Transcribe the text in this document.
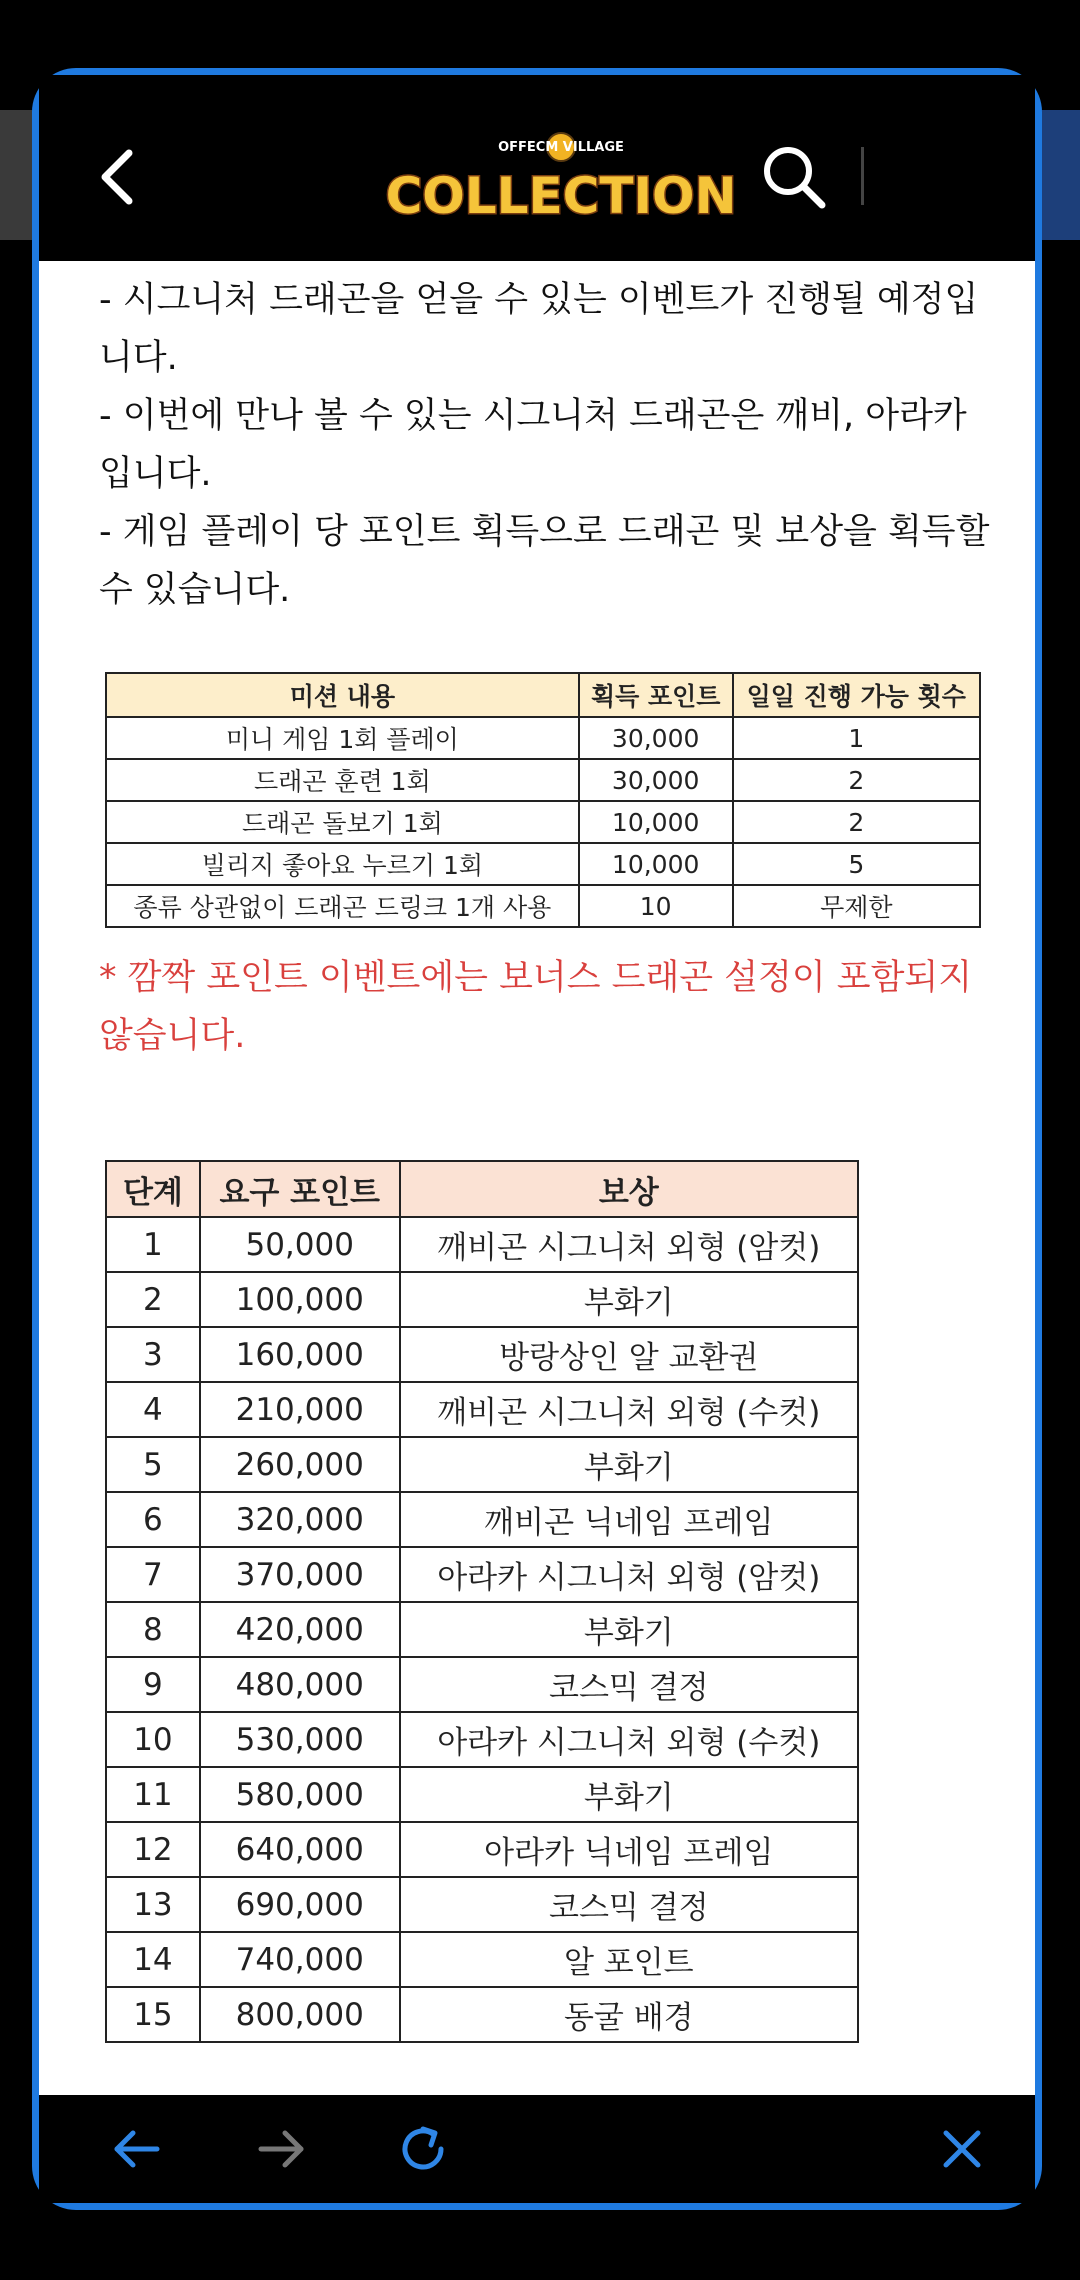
OFFECM VILLAGE
COLLECTION

- 시그니처 드래곤을 얻을 수 있는 이벤트가 진행될 예정입니다.

- 이번에 만나 볼 수 있는 시그니처 드래곤은 깨비, 아라카 입니다.

- 게임 플레이 당 포인트 획득으로 드래곤 및 보상을 획득할 수 있습니다.

미션 내용	획득 포인트	일일 진행 가능 횟수
미니 게임 1회 플레이	30,000	1
드래곤 훈련 1회	30,000	2
드래곤 돌보기 1회	10,000	2
빌리지 좋아요 누르기 1회	10,000	5
종류 상관없이 드래곤 드링크 1개 사용	10	무제한
* 깜짝 포인트 이벤트에는 보너스 드래곤 설정이 포함되지 않습니다.
단계	요구 포인트	보상
1	50,000	깨비곤 시그니처 외형 (암컷)
2	100,000	부화기
3	160,000	방랑상인 알 교환권
4	210,000	깨비곤 시그니처 외형 (수컷)
5	260,000	부화기
6	320,000	깨비곤 닉네임 프레임
7	370,000	아라카 시그니처 외형 (암컷)
8	420,000	부화기
9	480,000	코스믹 결정
10	530,000	아라카 시그니처 외형 (수컷)
11	580,000	부화기
12	640,000	아라카 닉네임 프레임
13	690,000	코스믹 결정
14	740,000	알 포인트
15	800,000	동굴 배경
